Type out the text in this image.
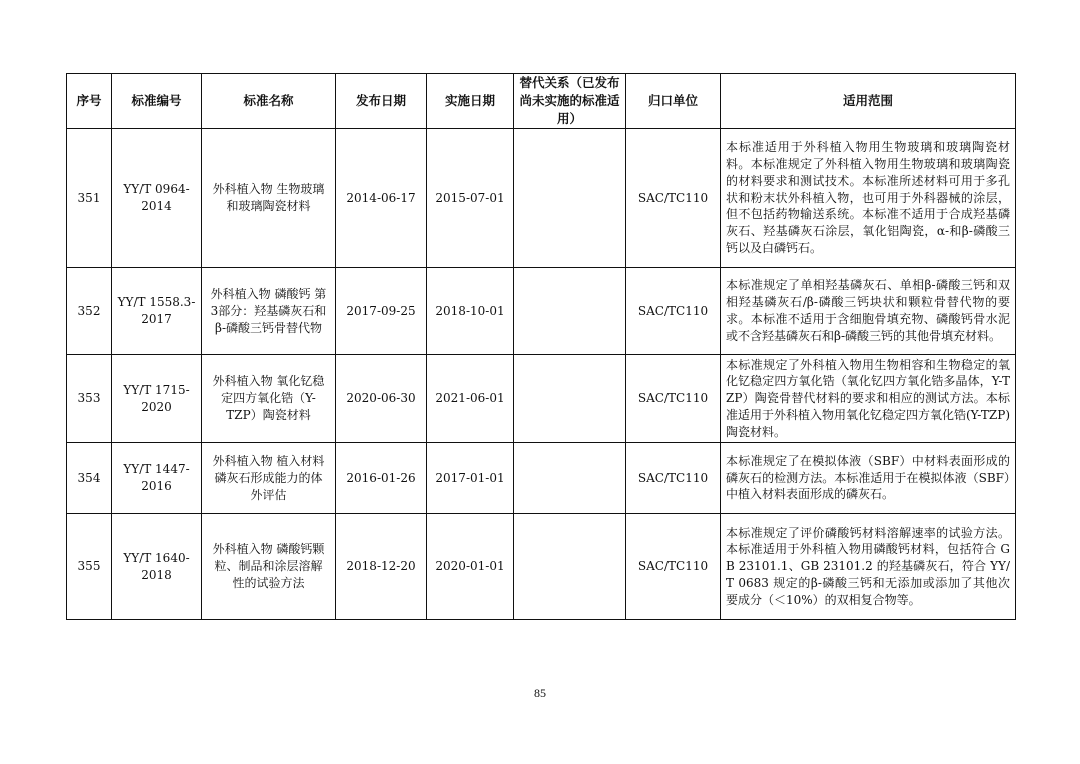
序号	标准编号	标准名称	发布日期	实施日期	替代关系（已发布尚未实施的标准适用）	归口单位	适用范围
351	YY/T 0964-2014	外科植入物 生物玻璃和玻璃陶瓷材料	2014-06-17	2015-07-01		SAC/TC110	本标准适用于外科植入物用生物玻璃和玻璃陶瓷材料。本标准规定了外科植入物用生物玻璃和玻璃陶瓷的材料要求和测试技术。本标准所述材料可用于多孔状和粉末状外科植入物，也可用于外科器械的涂层，但不包括药物输送系统。本标准不适用于合成羟基磷灰石、羟基磷灰石涂层，氧化铝陶瓷，α-和β-磷酸三钙以及白磷钙石。
352	YY/T 1558.3-2017	外科植入物 磷酸钙 第3部分：羟基磷灰石和β-磷酸三钙骨替代物	2017-09-25	2018-10-01		SAC/TC110	本标准规定了单相羟基磷灰石、单相β-磷酸三钙和双相羟基磷灰石/β-磷酸三钙块状和颗粒骨替代物的要求。本标准不适用于含细胞骨填充物、磷酸钙骨水泥或不含羟基磷灰石和β-磷酸三钙的其他骨填充材料。
353	YY/T 1715-2020	外科植入物 氧化钇稳定四方氧化锆（Y-TZP）陶瓷材料	2020-06-30	2021-06-01		SAC/TC110	本标准规定了外科植入物用生物相容和生物稳定的氧化钇稳定四方氧化锆（氧化钇四方氧化锆多晶体，Y-TZP）陶瓷骨替代材料的要求和相应的测试方法。本标准适用于外科植入物用氧化钇稳定四方氧化锆(Y-TZP)陶瓷材料。
354	YY/T 1447-2016	外科植入物 植入材料磷灰石形成能力的体外评估	2016-01-26	2017-01-01		SAC/TC110	本标准规定了在模拟体液（SBF）中材料表面形成的磷灰石的检测方法。本标准适用于在模拟体液（SBF）中植入材料表面形成的磷灰石。
355	YY/T 1640-2018	外科植入物 磷酸钙颗粒、制品和涂层溶解性的试验方法	2018-12-20	2020-01-01		SAC/TC110	本标准规定了评价磷酸钙材料溶解速率的试验方法。本标准适用于外科植入物用磷酸钙材料，包括符合 GB 23101.1、GB 23101.2 的羟基磷灰石，符合 YY/T 0683 规定的β-磷酸三钙和无添加或添加了其他次要成分（＜10%）的双相复合物等。
85
